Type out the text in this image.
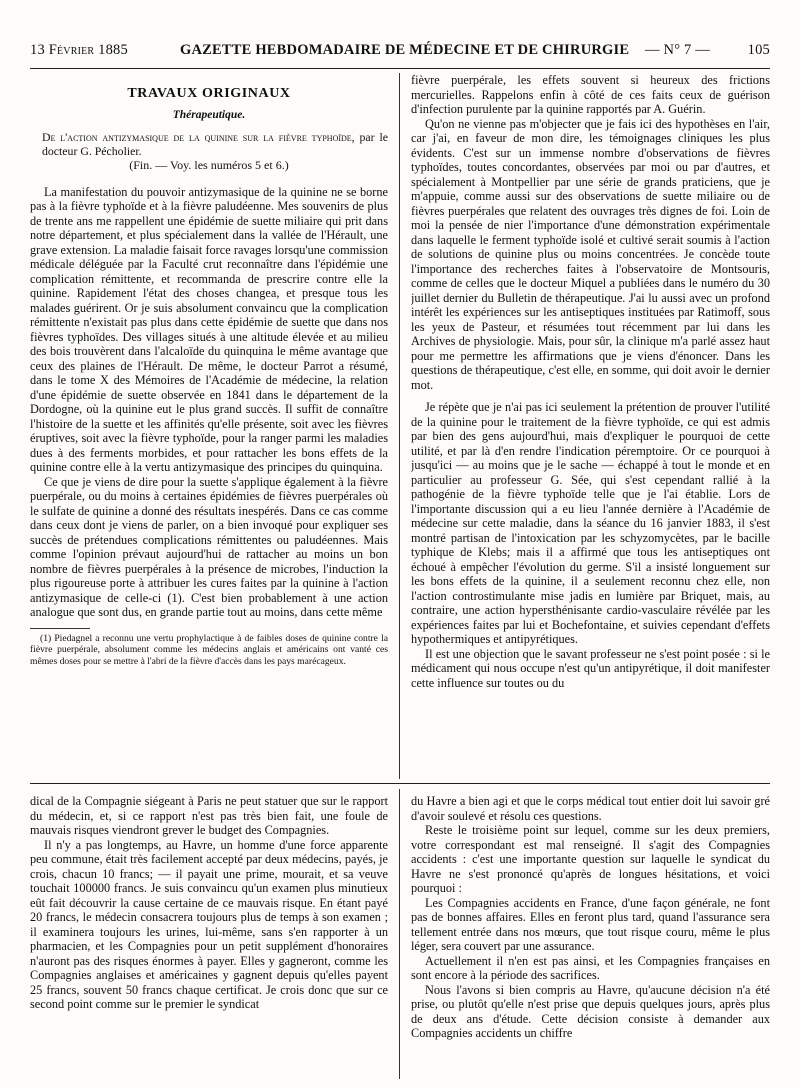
13 Février 1885	GAZETTE HEBDOMADAIRE DE MÉDECINE ET DE CHIRURGIE — N° 7 —	105
TRAVAUX ORIGINAUX
Thérapeutique.

De l'action antizymasique de la quinine sur la fièvre typhoïde, par le docteur G. Pécholier.

(Fin. — Voy. les numéros 5 et 6.)

La manifestation du pouvoir antizymasique de la quinine ne se borne pas à la fièvre typhoïde et à la fièvre paludéenne. Mes souvenirs de plus de trente ans me rappellent une épidémie de suette miliaire qui prit dans notre département, et plus spécialement dans la vallée de l'Hérault, une grave extension. La maladie faisait force ravages lorsqu'une commission médicale déléguée par la Faculté crut reconnaître dans l'épidémie une complication rémittente, et recommanda de prescrire contre elle la quinine. Rapidement l'état des choses changea, et presque tous les malades guérirent. Or je suis absolument convaincu que la complication rémittente n'existait pas plus dans cette épidémie de suette que dans nos fièvres typhoïdes. Des villages situés à une altitude élevée et au milieu des bois trouvèrent dans l'alcaloïde du quinquina le même avantage que ceux des plaines de l'Hérault. De même, le docteur Parrot a résumé, dans le tome X des Mémoires de l'Académie de médecine, la relation d'une épidémie de suette observée en 1841 dans le département de la Dordogne, où la quinine eut le plus grand succès. Il suffit de connaître l'histoire de la suette et les affinités qu'elle présente, soit avec les fièvres éruptives, soit avec la fièvre typhoïde, pour la ranger parmi les maladies dues à des ferments morbides, et pour rattacher les bons effets de la quinine contre elle à la vertu antizymasique des principes du quinquina.

Ce que je viens de dire pour la suette s'applique également à la fièvre puerpérale, ou du moins à certaines épidémies de fièvres puerpérales où le sulfate de quinine a donné des résultats inespérés. Dans ce cas comme dans ceux dont je viens de parler, on a bien invoqué pour expliquer ses succès de prétendues complications rémittentes ou paludéennes. Mais comme l'opinion prévaut aujourd'hui de rattacher au moins un bon nombre de fièvres puerpérales à la présence de microbes, l'induction la plus rigoureuse porte à attribuer les cures faites par la quinine à l'action antizymasique de celle-ci (1). C'est bien probablement à une action analogue que sont dus, en grande partie tout au moins, dans cette même

(1) Piedagnel a reconnu une vertu prophylactique à de faibles doses de quinine contre la fièvre puerpérale, absolument comme les médecins anglais et américains ont vanté ces mêmes doses pour se mettre à l'abri de la fièvre d'accès dans les pays marécageux.

fièvre puerpérale, les effets souvent si heureux des frictions mercurielles. Rappelons enfin à côté de ces faits ceux de guérison d'infection purulente par la quinine rapportés par A. Guérin.

Qu'on ne vienne pas m'objecter que je fais ici des hypothèses en l'air, car j'ai, en faveur de mon dire, les témoignages cliniques les plus évidents. C'est sur un immense nombre d'observations de fièvres typhoïdes, toutes concordantes, observées par moi ou par d'autres, et spécialement à Montpellier par une série de grands praticiens, que je m'appuie, comme aussi sur des observations de suette miliaire ou de fièvres puerpérales que relatent des ouvrages très dignes de foi. Loin de moi la pensée de nier l'importance d'une démonstration expérimentale dans laquelle le ferment typhoïde isolé et cultivé serait soumis à l'action de solutions de quinine plus ou moins concentrées. Je concède toute l'importance des recherches faites à l'observatoire de Montsouris, comme de celles que le docteur Miquel a publiées dans le numéro du 30 juillet dernier du Bulletin de thérapeutique. J'ai lu aussi avec un profond intérêt les expériences sur les antiseptiques instituées par Ratimoff, sous les yeux de Pasteur, et résumées tout récemment par lui dans les Archives de physiologie. Mais, pour sûr, la clinique m'a parlé assez haut pour me permettre les affirmations que je viens d'énoncer. Dans les questions de thérapeutique, c'est elle, en somme, qui doit avoir le dernier mot.

Je répète que je n'ai pas ici seulement la prétention de prouver l'utilité de la quinine pour le traitement de la fièvre typhoïde, ce qui est admis par bien des gens aujourd'hui, mais d'expliquer le pourquoi de cette utilité, et par là d'en rendre l'indication péremptoire. Or ce pourquoi à jusqu'ici — au moins que je le sache — échappé à tout le monde et en particulier au professeur G. Sée, qui s'est cependant rallié à la pathogénie de la fièvre typhoïde telle que je l'ai établie. Lors de l'importante discussion qui a eu lieu l'année dernière à l'Académie de médecine sur cette maladie, dans la séance du 16 janvier 1883, il s'est montré partisan de l'intoxication par les schyzomycètes, par le bacille typhique de Klebs; mais il a affirmé que tous les antiseptiques ont échoué à empêcher l'évolution du germe. S'il a insisté longuement sur les bons effets de la quinine, il a seulement reconnu chez elle, non l'action controstimulante mise jadis en lumière par Briquet, mais, au contraire, une action hypersthénisante cardio-vasculaire révélée par les expériences faites par lui et Bochefontaine, et suivies cependant d'effets hypothermiques et antipyrétiques.

Il est une objection que le savant professeur ne s'est point posée : si le médicament qui nous occupe n'est qu'un antipyrétique, il doit manifester cette influence sur toutes ou du

dical de la Compagnie siégeant à Paris ne peut statuer que sur le rapport du médecin, et, si ce rapport n'est pas très bien fait, une foule de mauvais risques viendront grever le budget des Compagnies.

Il n'y a pas longtemps, au Havre, un homme d'une force apparente peu commune, était très facilement accepté par deux médecins, payés, je crois, chacun 10 francs; — il payait une prime, mourait, et sa veuve touchait 100000 francs. Je suis convaincu qu'un examen plus minutieux eût fait découvrir la cause certaine de ce mauvais risque. En étant payé 20 francs, le médecin consacrera toujours plus de temps à son examen ; il examinera toujours les urines, lui-même, sans s'en rapporter à un pharmacien, et les Compagnies pour un petit supplément d'honoraires n'auront pas des risques énormes à payer. Elles y gagneront, comme les Compagnies anglaises et américaines y gagnent depuis qu'elles payent 25 francs, souvent 50 francs chaque certificat. Je crois donc que sur ce second point comme sur le premier le syndicat

du Havre a bien agi et que le corps médical tout entier doit lui savoir gré d'avoir soulevé et résolu ces questions.

Reste le troisième point sur lequel, comme sur les deux premiers, votre correspondant est mal renseigné. Il s'agit des Compagnies accidents : c'est une importante question sur laquelle le syndicat du Havre ne s'est prononcé qu'après de longues hésitations, et voici pourquoi :

Les Compagnies accidents en France, d'une façon générale, ne font pas de bonnes affaires. Elles en feront plus tard, quand l'assurance sera tellement entrée dans nos mœurs, que tout risque couru, même le plus léger, sera couvert par une assurance.

Actuellement il n'en est pas ainsi, et les Compagnies françaises en sont encore à la période des sacrifices.

Nous l'avons si bien compris au Havre, qu'aucune décision n'a été prise, ou plutôt qu'elle n'est prise que depuis quelques jours, après plus de deux ans d'étude. Cette décision consiste à demander aux Compagnies accidents un chiffre
